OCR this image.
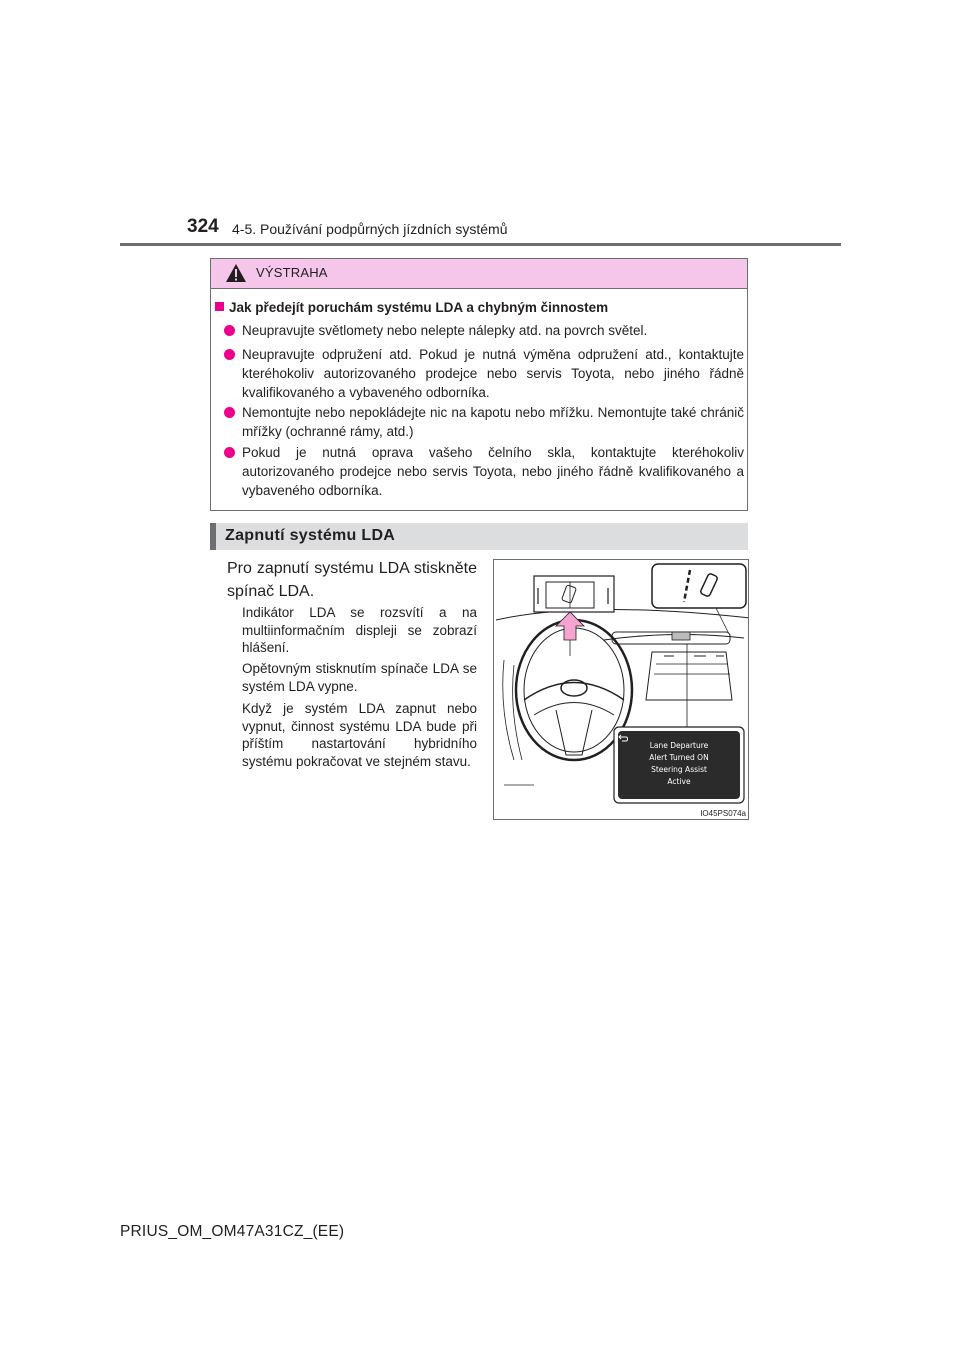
324 4-5. Používání podpůrných jízdních systémů
VÝSTRAHA
Jak předejít poruchám systému LDA a chybným činnostem
Neupravujte světlomety nebo nelepte nálepky atd. na povrch světel.
Neupravujte odpružení atd. Pokud je nutná výměna odpružení atd., kontaktujte kteréhokoliv autorizovaného prodejce nebo servis Toyota, nebo jiného řádně kvalifikovaného a vybaveného odborníka.
Nemontujte nebo nepokládejte nic na kapotu nebo mřížku. Nemontujte také chránič mřížky (ochranné rámy, atd.)
Pokud je nutná oprava vašeho čelního skla, kontaktujte kteréhokoliv autorizovaného prodejce nebo servis Toyota, nebo jiného řádně kvalifikovaného a vybaveného odborníka.
Zapnutí systému LDA
Pro zapnutí systému LDA stiskněte spínač LDA.
Indikátor LDA se rozsvítí a na multiinformačním displeji se zobrazí hlášení.
Opětovným stisknutím spínače LDA se systém LDA vypne.
Když je systém LDA zapnut nebo vypnut, činnost systému LDA bude při příštím nastartování hybridního systému pokračovat ve stejném stavu.
Lane Departure
Alert Turned ON
Steering Assist
Active
IO45PS074a
PRIUS_OM_OM47A31CZ_(EE)
